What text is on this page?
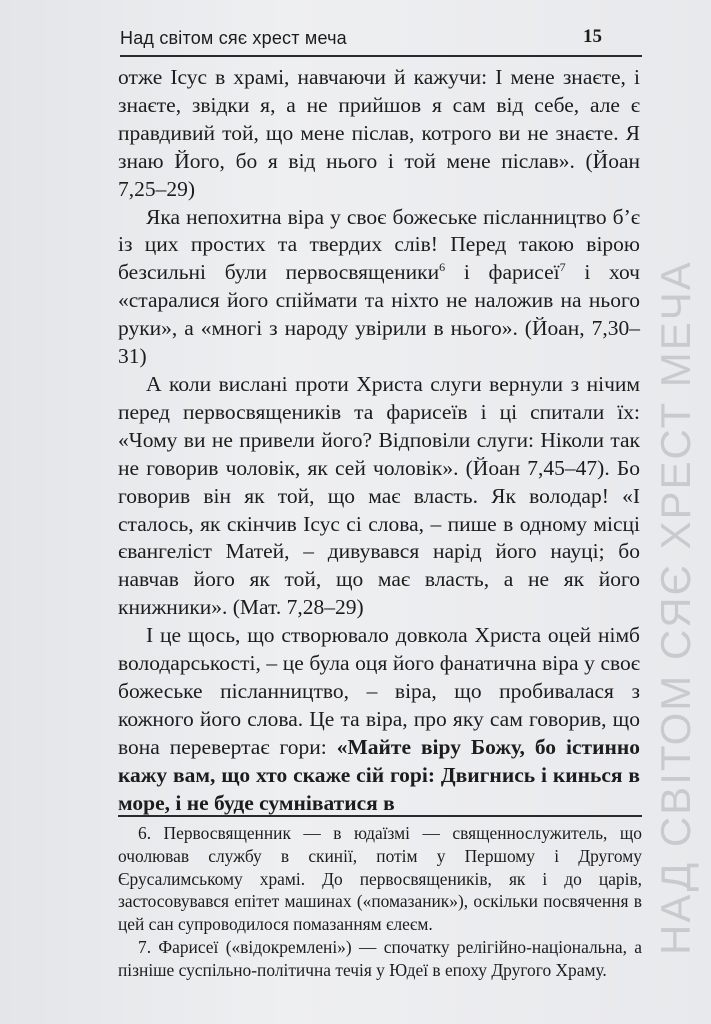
Над світом сяє хрест меча	15
НАД СВІТОМ СЯЄ ХРЕСТ МЕЧА

отже Ісус в храмі, навчаючи й кажучи: І мене знаєте, і знаєте, звідки я, а не прийшов я сам від себе, але є правдивий той, що мене післав, котрого ви не знаєте. Я знаю Його, бо я від нього і той мене післав». (Йоан 7,25–29)

Яка непохитна віра у своє божеське післанництво б’є із цих простих та твердих слів! Перед такою вірою безсильні були первосвященики$^6$ і фарисеї$^7$ і хоч «старалися його спіймати та ніхто не наложив на нього руки», а «многі з народу увірили в нього». (Йоан, 7,30–31)

А коли вислані проти Христа слуги вернули з нічим перед первосвящеників та фарисеїв і ці спитали їх: «Чому ви не привели його? Відповіли слуги: Ніколи так не говорив чоловік, як сей чоловік». (Йоан 7,45–47). Бо говорив він як той, що має власть. Як володар! «І сталось, як скінчив Ісус сі слова, – пише в одному місці євангеліст Матей, – дивувався нарід його науці; бо навчав його як той, що має власть, а не як його книжники». (Мат. 7,28–29)

І це щось, що створювало довкола Христа оцей німб володарськості, – це була оця його фанатична віра у своє божеське післанництво, – віра, що пробивалася з кожного його слова. Це та віра, про яку сам говорив, що вона перевертає гори: «Майте віру Божу, бо істинно кажу вам, що хто скаже сій горі: Двигнись і кинься в море, і не буде сумніватися в

6. Первосвященник — в юдаїзмі — священнослужитель, що очолював службу в скинії, потім у Першому і Другому Єрусалимському храмі. До первосвящеників, як і до царів, застосовувався епітет машинах («помазаник»), оскільки посвячення в цей сан супроводилося помазанням єлеєм.

7. Фарисеї («відокремлені») — спочатку релігійно-національна, а пізніше суспільно-політична течія у Юдеї в епоху Другого Храму.
